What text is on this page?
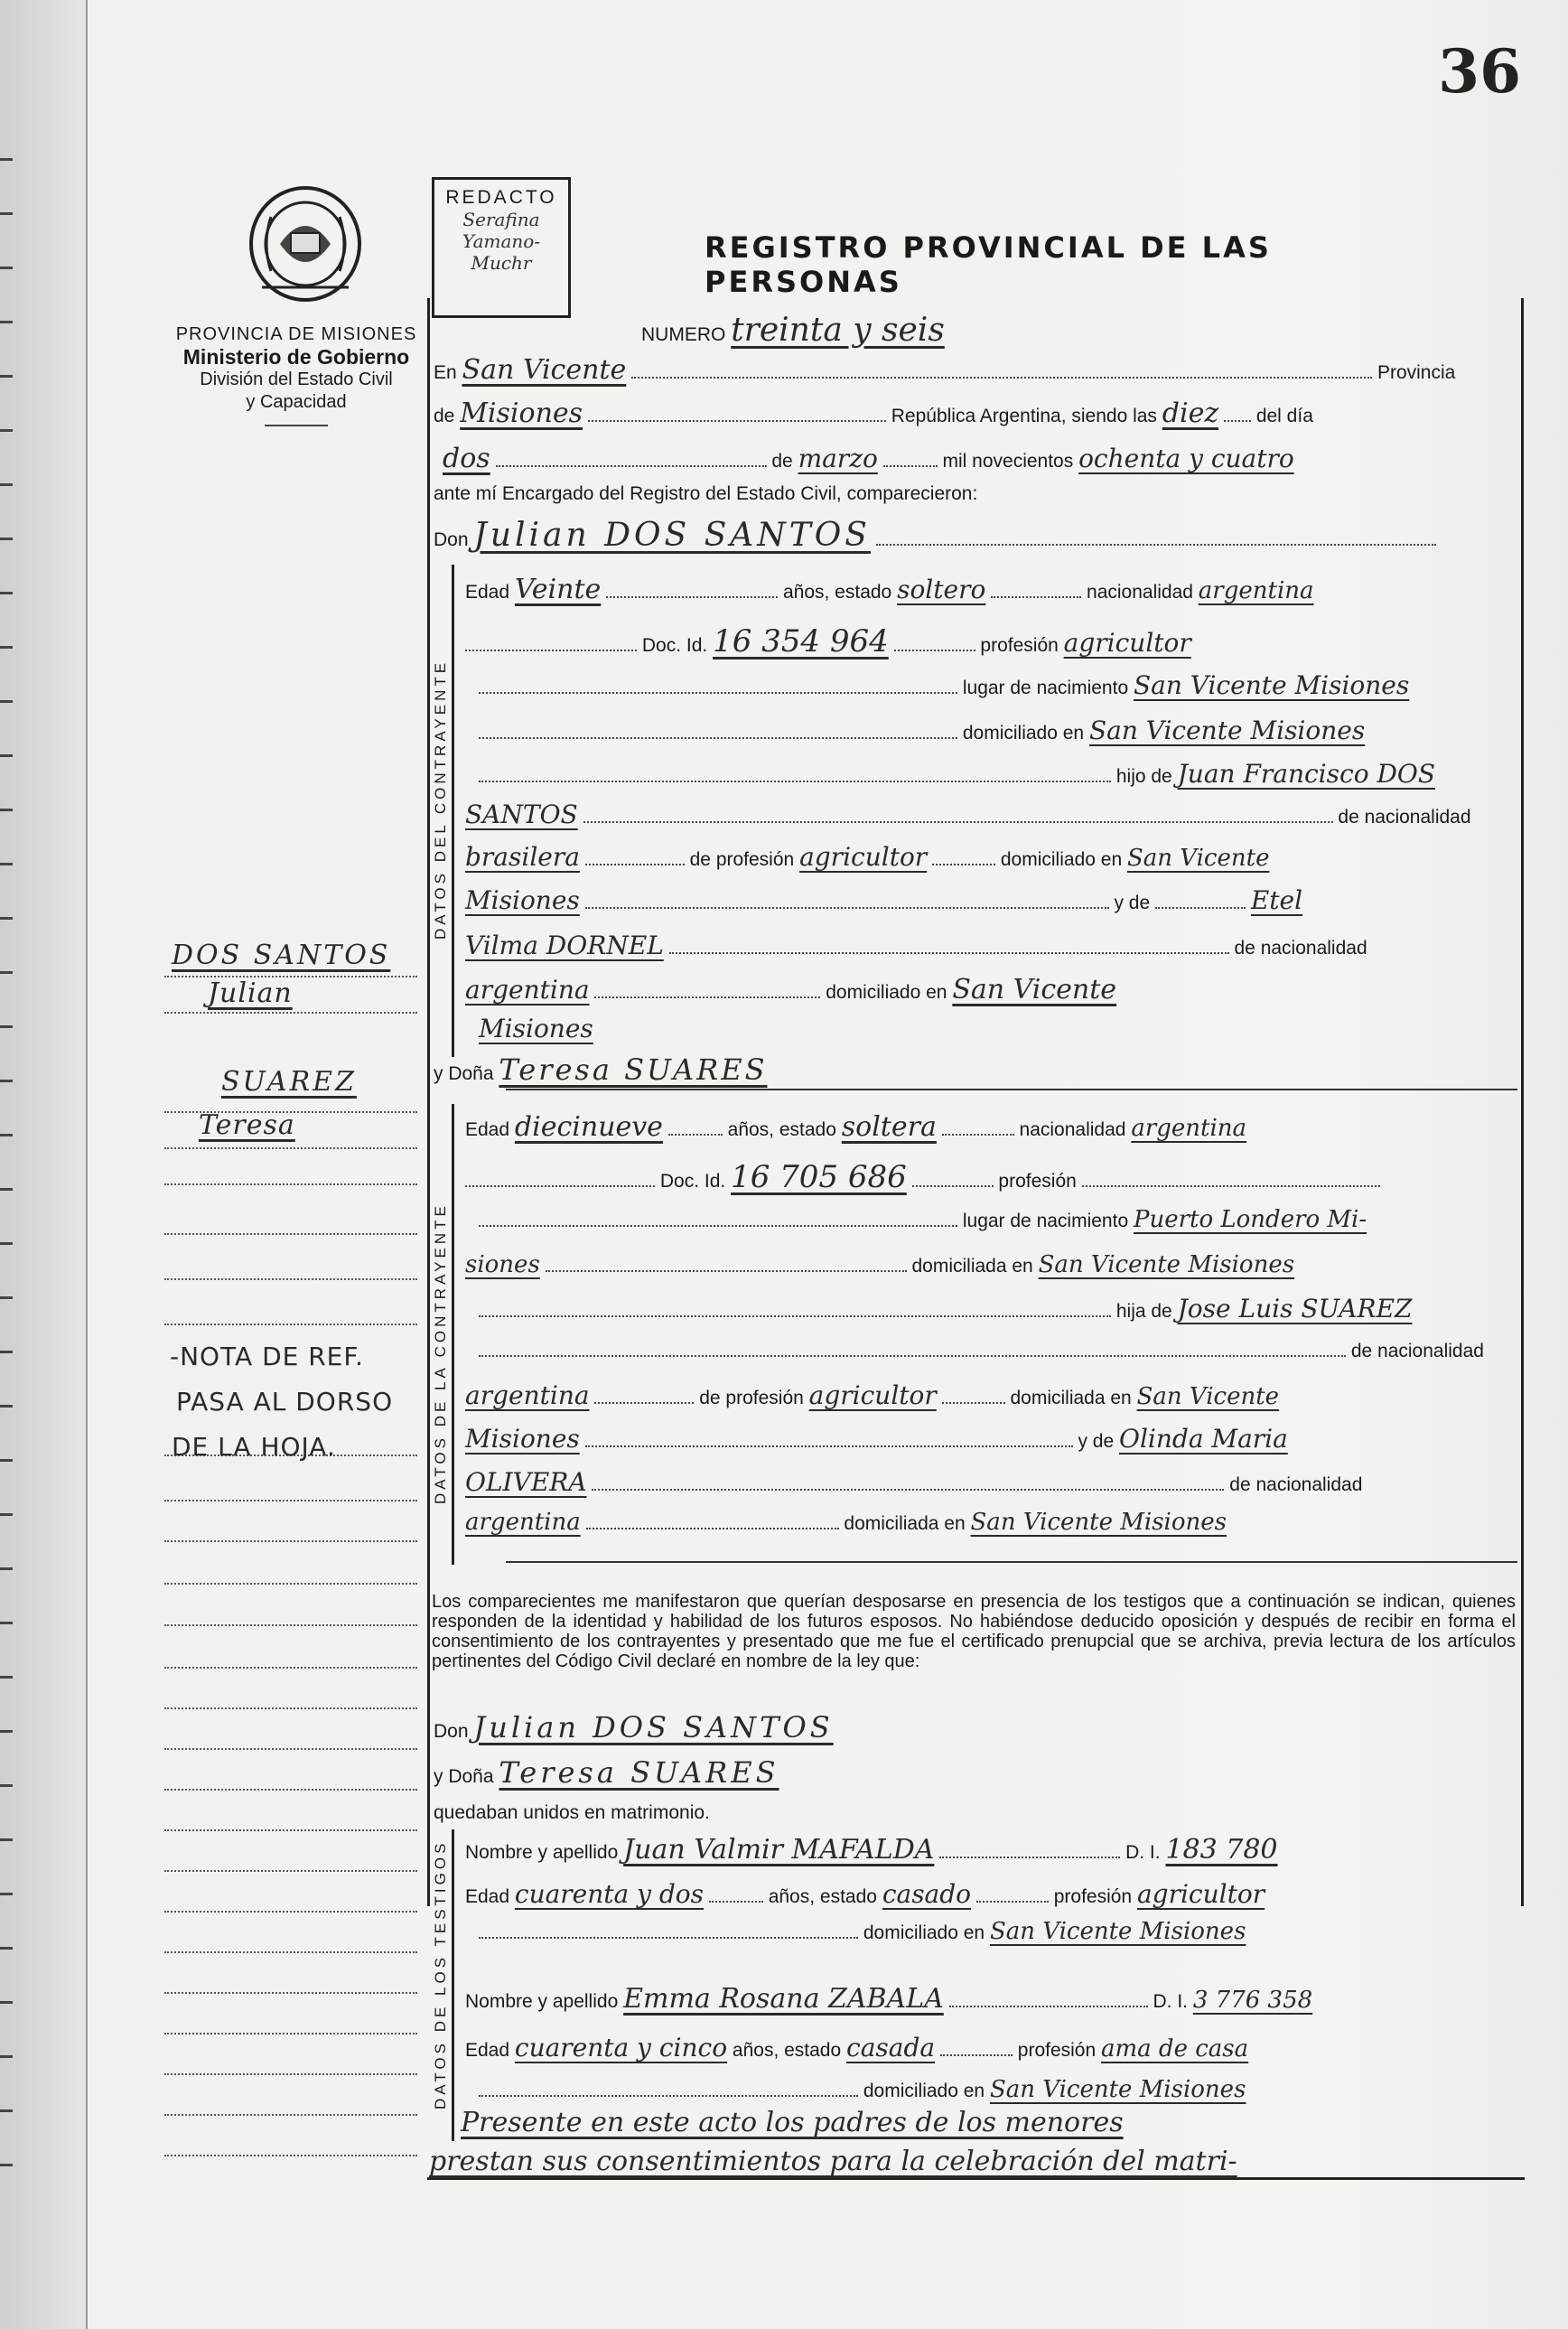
36
PROVINCIA DE MISIONES
Ministerio de Gobierno
División del Estado Civil
y Capacidad
REDACTO
Serafina
Yamano-
Muchr	REGISTRO PROVINCIAL DE LAS PERSONAS
NUMERO treinta y seis
En San Vicente	Provincia
de Misiones	República Argentina, siendo las diez del día
dos	de marzo	mil novecientos ochenta y cuatro
ante mí Encargado del Registro del Estado Civil, comparecieron:
Don Julian DOS SANTOS
DATOS DEL CONTRAYENTE
Edad Veinte	años, estado soltero	nacionalidad argentina
Doc. Id. 16 354 964	profesión agricultor
lugar de nacimiento San Vicente Misiones
domiciliado en San Vicente Misiones
hijo de Juan Francisco DOS
SANTOS	de nacionalidad
brasilera	de profesión agricultor	domiciliado en San Vicente
Misiones	y de	Etel
Vilma DORNEL	de nacionalidad
argentina	domiciliado en San Vicente
Misiones
y Doña Teresa SUARES
DATOS DE LA CONTRAYENTE
Edad diecinueve	años, estado soltera	nacionalidad argentina
Doc. Id. 16 705 686	profesión
lugar de nacimiento Puerto Londero Mi-
siones	domiciliada en San Vicente Misiones
hija de Jose Luis SUAREZ
de nacionalidad
argentina	de profesión agricultor	domiciliada en San Vicente
Misiones	y de Olinda Maria
OLIVERA	de nacionalidad
argentina	domiciliada en San Vicente Misiones
Los comparecientes me manifestaron que querían desposarse en presencia de los testigos que a continuación se indican, quienes responden de la identidad y habilidad de los futuros esposos. No habiéndose deducido oposición y después de recibir en forma el consentimiento de los contrayentes y presentado que me fue el certificado prenupcial que se archiva, previa lectura de los artículos pertinentes del Código Civil declaré en nombre de la ley que:
Don Julian DOS SANTOS
y Doña Teresa SUARES
quedaban unidos en matrimonio.
DATOS DE LOS TESTIGOS Nombre y apellido Juan Valmir MAFALDA	D. I. 183 780
Edad cuarenta y dos	años, estado casado	profesión agricultor
domiciliado en San Vicente Misiones
Nombre y apellido Emma Rosana ZABALA	D. I. 3 776 358
Edad cuarenta y cinco años, estado casada	profesión ama de casa
domiciliado en San Vicente Misiones
Presente en este acto los padres de los menores
prestan sus consentimientos para la celebración del matri-
DOS SANTOS
Julian
SUAREZ
Teresa
-NOTA DE REF.
PASA AL DORSO
DE LA HOJA.
